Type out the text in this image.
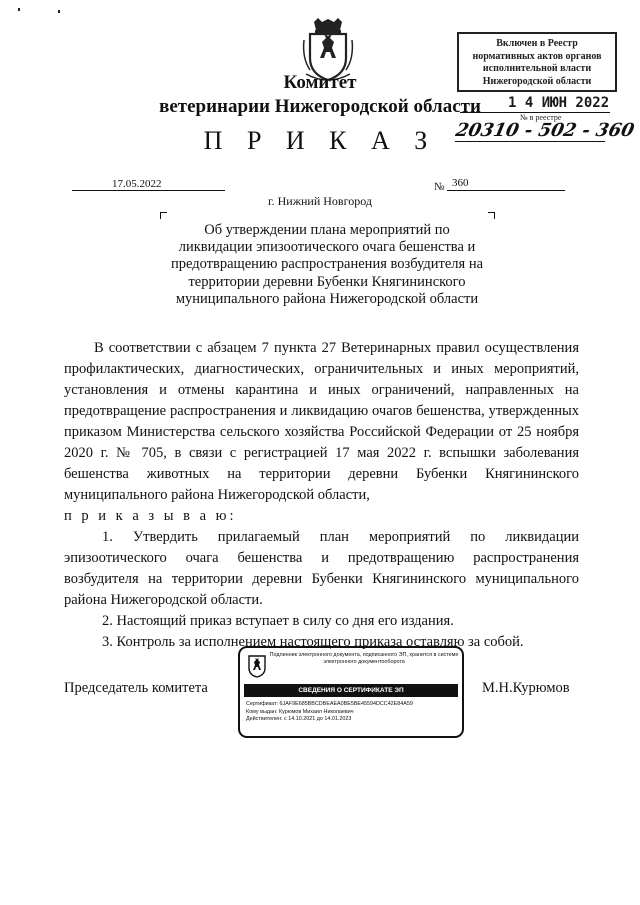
Комитет
ветеринарии Нижегородской области
П Р И К А З
Включен в Реестр
нормативных актов органов
исполнительной власти
Нижегородской области
1 4 ИЮН 2022
№ в реестре
20310 - 502 - 360
17.05.2022	№ 360
г. Нижний Новгород
Об утверждении плана мероприятий по ликвидации эпизоотического очага бешенства и предотвращению распространения возбудителя на территории деревни Бубенки Княгининского муниципального района Нижегородской области

В соответствии с абзацем 7 пункта 27 Ветеринарных правил осуществления профилактических, диагностических, ограничительных и иных мероприятий, установления и отмены карантина и иных ограничений, направленных на предотвращение распространения и ликвидацию очагов бешенства, утвержденных приказом Министерства сельского хозяйства Российской Федерации от 25 ноября 2020 г. № 705, в связи с регистрацией 17 мая 2022 г. вспышки заболевания бешенства животных на территории деревни Бубенки Княгининского муниципального района Нижегородской области,

п р и к а з ы в а ю:

1. Утвердить прилагаемый план мероприятий по ликвидации эпизоотического очага бешенства и предотвращению распространения возбудителя на территории деревни Бубенки Княгининского муниципального района Нижегородской области.

2. Настоящий приказ вступает в силу со дня его издания.

3. Контроль за исполнением настоящего приказа оставляю за собой.

Председатель комитета	М.Н.Курюмов
Подлинник электронного документа, подписанного ЭП, хранится в системе электронного документооборота
СВЕДЕНИЯ О СЕРТИФИКАТЕ ЭП
Сертификат: 6JAF9E685BBCDBEAEA0BE5BE45594DCC42E84A59
Кому выдан: Курюмов Михаил Николаевич
Действителен: с 14.10.2021 до 14.01.2023
